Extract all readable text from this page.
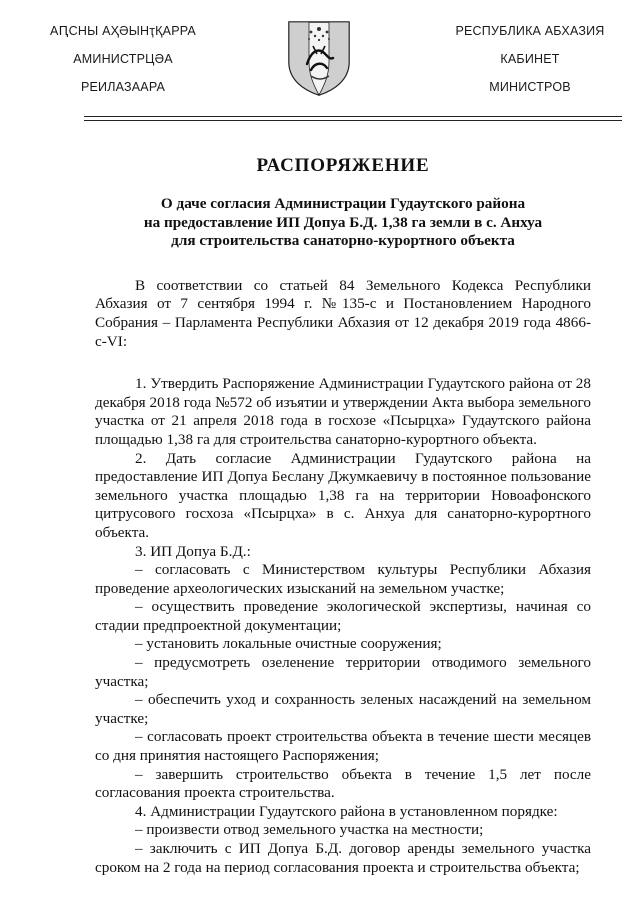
АԤСНЫ АҲӘЫНҭҚАРРА
АМИНИСТРЦӘА
РЕИЛАЗААРА
РЕСПУБЛИКА АБХАЗИЯ
КАБИНЕТ
МИНИСТРОВ
РАСПОРЯЖЕНИЕ
О даче согласия Администрации Гудаутского района
на предоставление ИП Допуа Б.Д. 1,38 га земли в с. Анхуа
для строительства санаторно-курортного объекта

В соответствии со статьей 84 Земельного Кодекса Республики Абхазия от 7 сентября 1994 г. №135-с и Постановлением Народного Собрания – Парламента Республики Абхазия от 12 декабря 2019 года 4866-с-VI:

1. Утвердить Распоряжение Администрации Гудаутского района от 28 декабря 2018 года №572 об изъятии и утверждении Акта выбора земельного участка от 21 апреля 2018 года в госхозе «Псырцха» Гудаутского района площадью 1,38 га для строительства санаторно-курортного объекта.

2. Дать согласие Администрации Гудаутского района на предоставление ИП Допуа Беслану Джумкаевичу в постоянное пользование земельного участка площадью 1,38 га на территории Новоафонского цитрусового госхоза «Псырцха» в с. Анхуа для санаторно-курортного объекта.

3. ИП Допуа Б.Д.:

– согласовать с Министерством культуры Республики Абхазия проведение археологических изысканий на земельном участке;

– осуществить проведение экологической экспертизы, начиная со стадии предпроектной документации;

– установить локальные очистные сооружения;

– предусмотреть озеленение территории отводимого земельного участка;

– обеспечить уход и сохранность зеленых насаждений на земельном участке;

– согласовать проект строительства объекта в течение шести месяцев со дня принятия настоящего Распоряжения;

– завершить строительство объекта в течение 1,5 лет после согласования проекта строительства.

4. Администрации Гудаутского района в установленном порядке:

– произвести отвод земельного участка на местности;

– заключить с ИП Допуа Б.Д. договор аренды земельного участка сроком на 2 года на период согласования проекта и строительства объекта;
